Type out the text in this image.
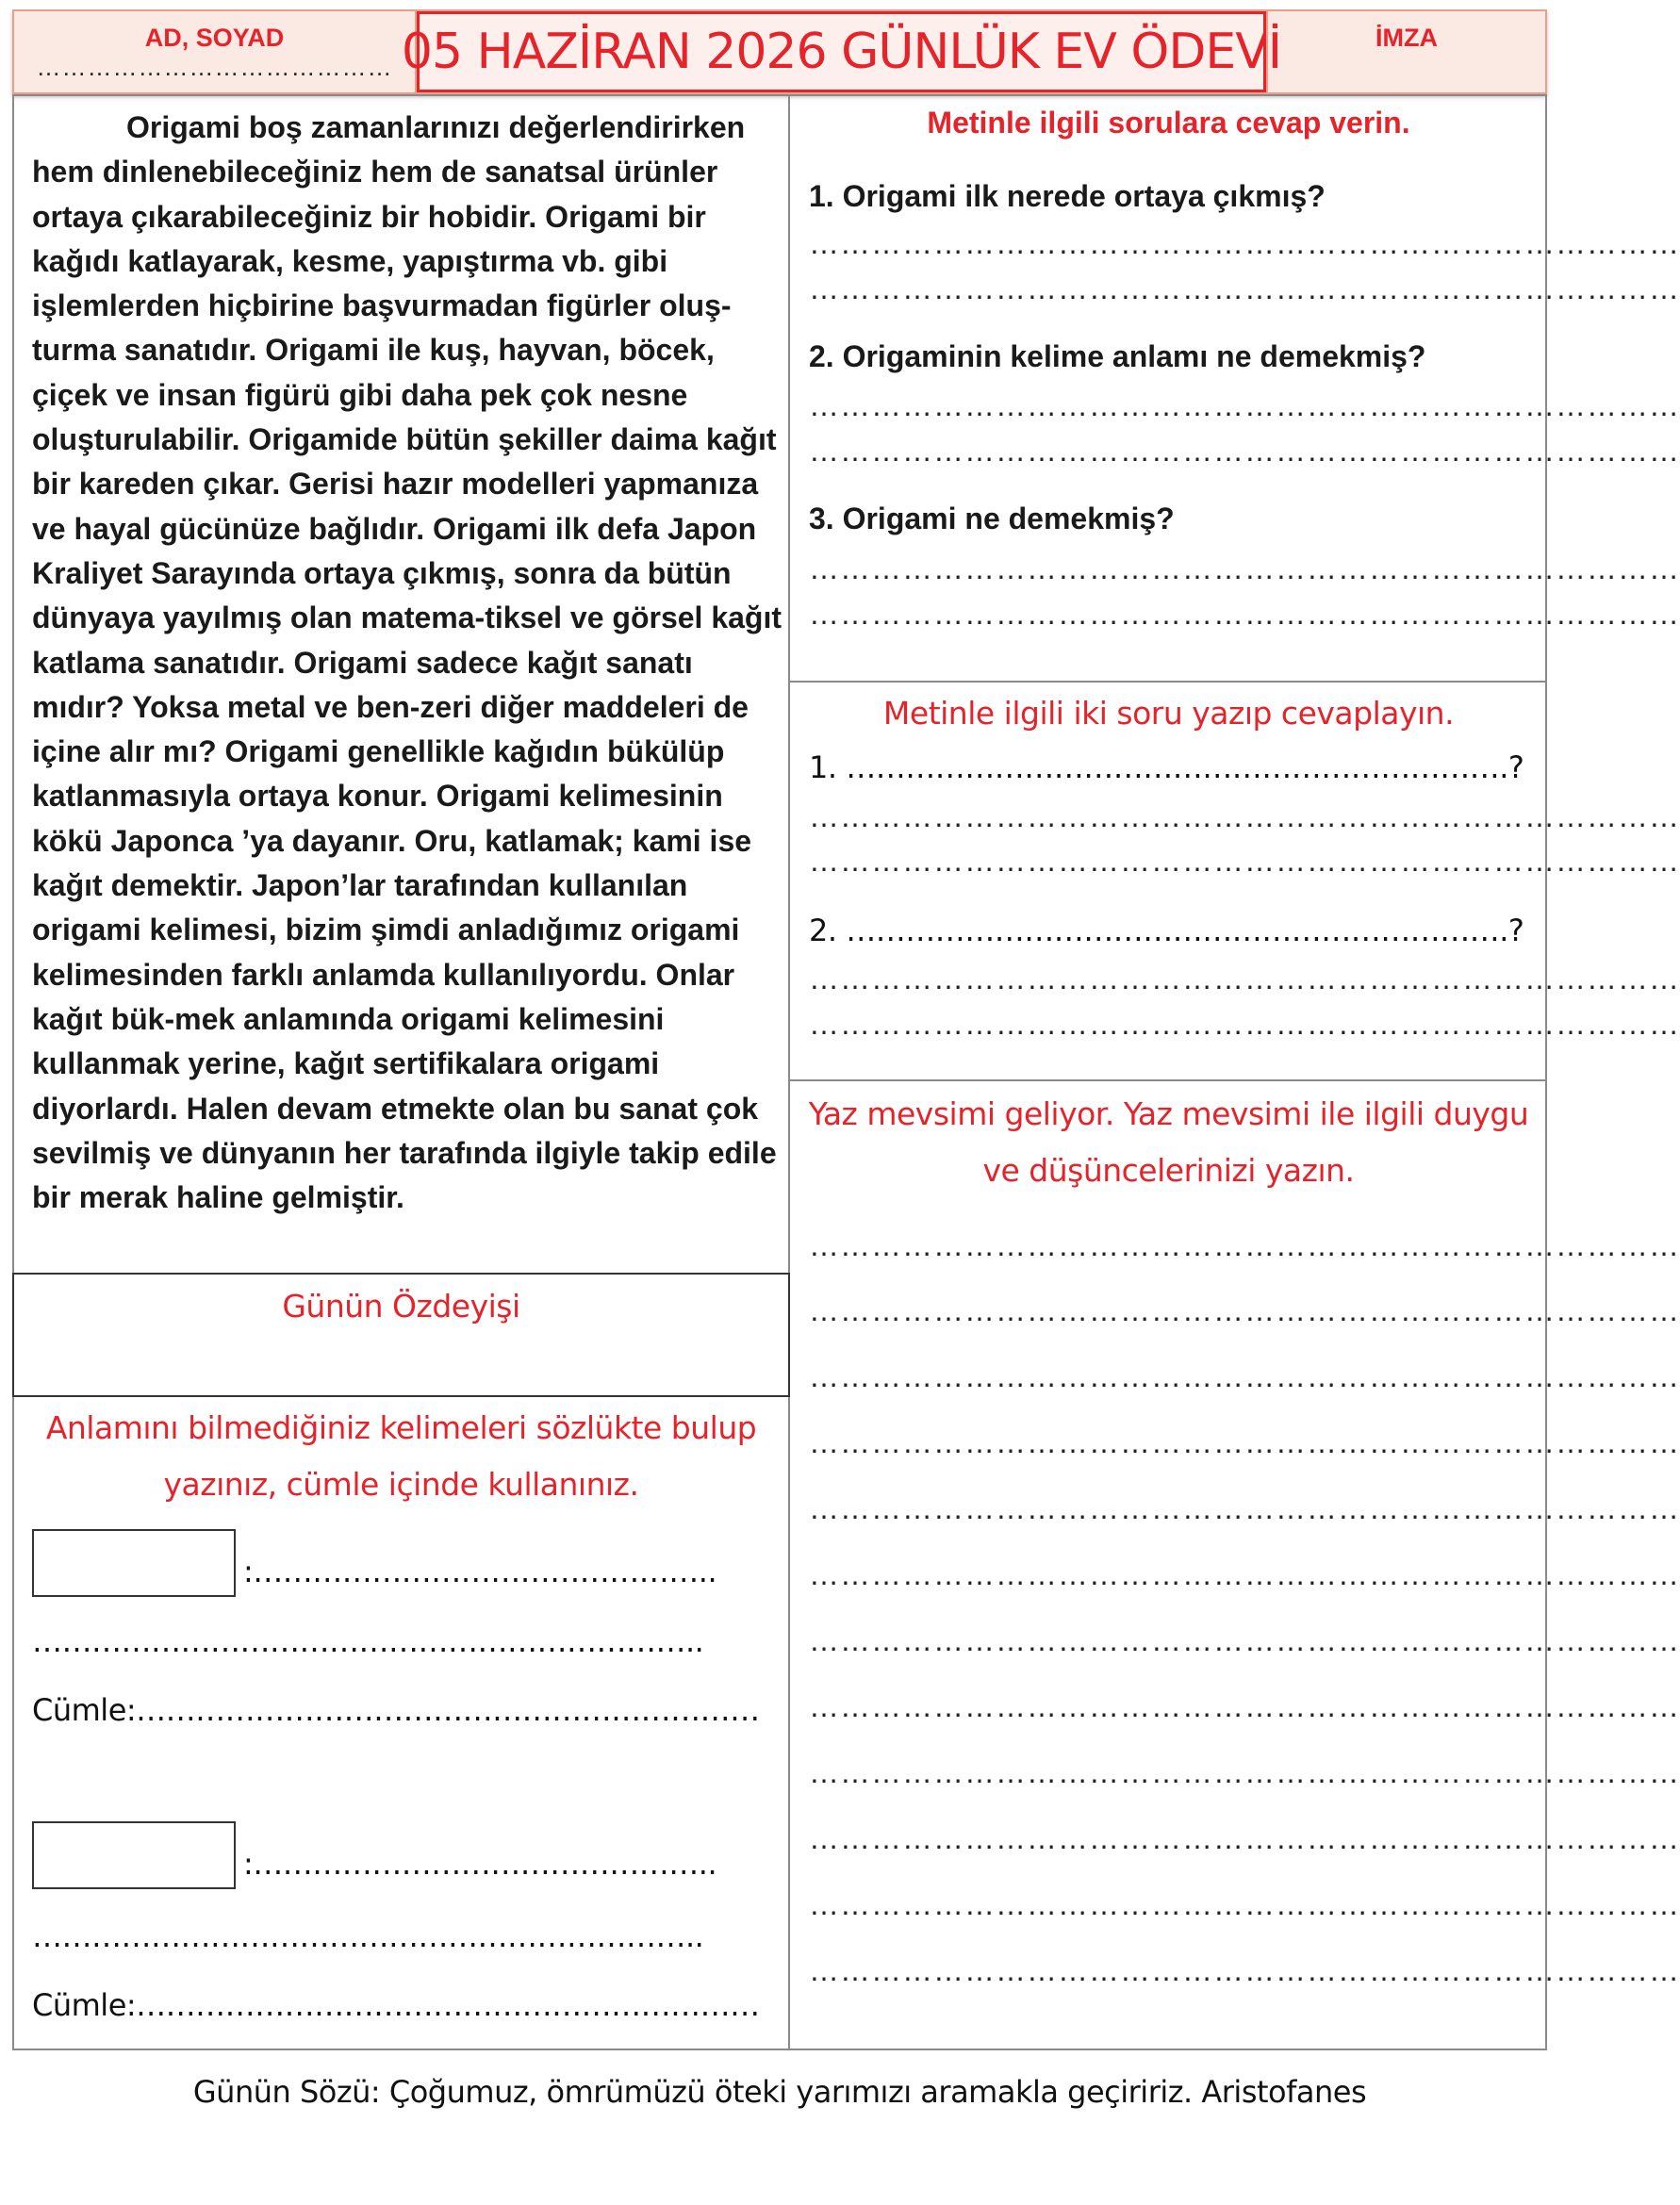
AD, SOYAD
…………………………………… 05 HAZİRAN 2026 GÜNLÜK EV ÖDEVİ	İMZA

Origami boş zamanlarınızı değerlendirirken hem dinlenebileceğiniz hem de sanatsal ürünler ortaya çıkarabileceğiniz bir hobidir. Origami bir kağıdı katlayarak, kesme, yapıştırma vb. gibi işlemlerden hiçbirine başvurmadan figürler oluş-turma sanatıdır. Origami ile kuş, hayvan, böcek, çiçek ve insan figürü gibi daha pek çok nesne oluşturulabilir. Origamide bütün şekiller daima kağıt bir kareden çıkar. Gerisi hazır modelleri yapmanıza ve hayal gücünüze bağlıdır. Origami ilk defa Japon Kraliyet Sarayında ortaya çıkmış, sonra da bütün dünyaya yayılmış olan matema-tiksel ve görsel kağıt katlama sanatıdır. Origami sadece kağıt sanatı mıdır? Yoksa metal ve ben-zeri diğer maddeleri de içine alır mı? Origami genellikle kağıdın bükülüp katlanmasıyla ortaya konur. Origami kelimesinin kökü Japonca ’ya dayanır. Oru, katlamak; kami ise kağıt demektir. Japon’lar tarafından kullanılan origami kelimesi, bizim şimdi anladığımız origami kelimesinden farklı anlamda kullanılıyordu. Onlar kağıt bük-mek anlamında origami kelimesini kullanmak yerine, kağıt sertifikalara origami diyorlardı. Halen devam etmekte olan bu sanat çok sevilmiş ve dünyanın her tarafında ilgiyle takip edile bir merak haline gelmiştir.

Günün Özdeyişi
Anlamını bilmediğiniz kelimeleri sözlükte bulup
yazınız, cümle içinde kullanınız.
:………………………………………..
…………………………………………………………..
Cümle:………………………………………………………
:………………………………………..
…………………………………………………………..
Cümle:………………………………………………………
Metinle ilgili sorulara cevap verin.
1. Origami ilk nerede ortaya çıkmış?
…………………………………………………………………………
…………………………………………………………………………
2. Origaminin kelime anlamı ne demekmiş?
…………………………………………………………………………
…………………………………………………………………………
3. Origami ne demekmiş?
…………………………………………………………………………
…………………………………………………………………………
Metinle ilgili iki soru yazıp cevaplayın.
1. ………………………………………………………….?
…………………………………………………………………………
…………………………………………………………………………
2. ………………………………………………………….?
…………………………………………………………………………
…………………………………………………………………………
Yaz mevsimi geliyor. Yaz mevsimi ile ilgili duygu
ve düşüncelerinizi yazın.
…………………………………………………………………………
…………………………………………………………………………
…………………………………………………………………………
…………………………………………………………………………
…………………………………………………………………………
…………………………………………………………………………
…………………………………………………………………………
…………………………………………………………………………
…………………………………………………………………………
…………………………………………………………………………
…………………………………………………………………………
…………………………………………………………………………
Günün Sözü: Çoğumuz, ömrümüzü öteki yarımızı aramakla geçiririz. Aristofanes
